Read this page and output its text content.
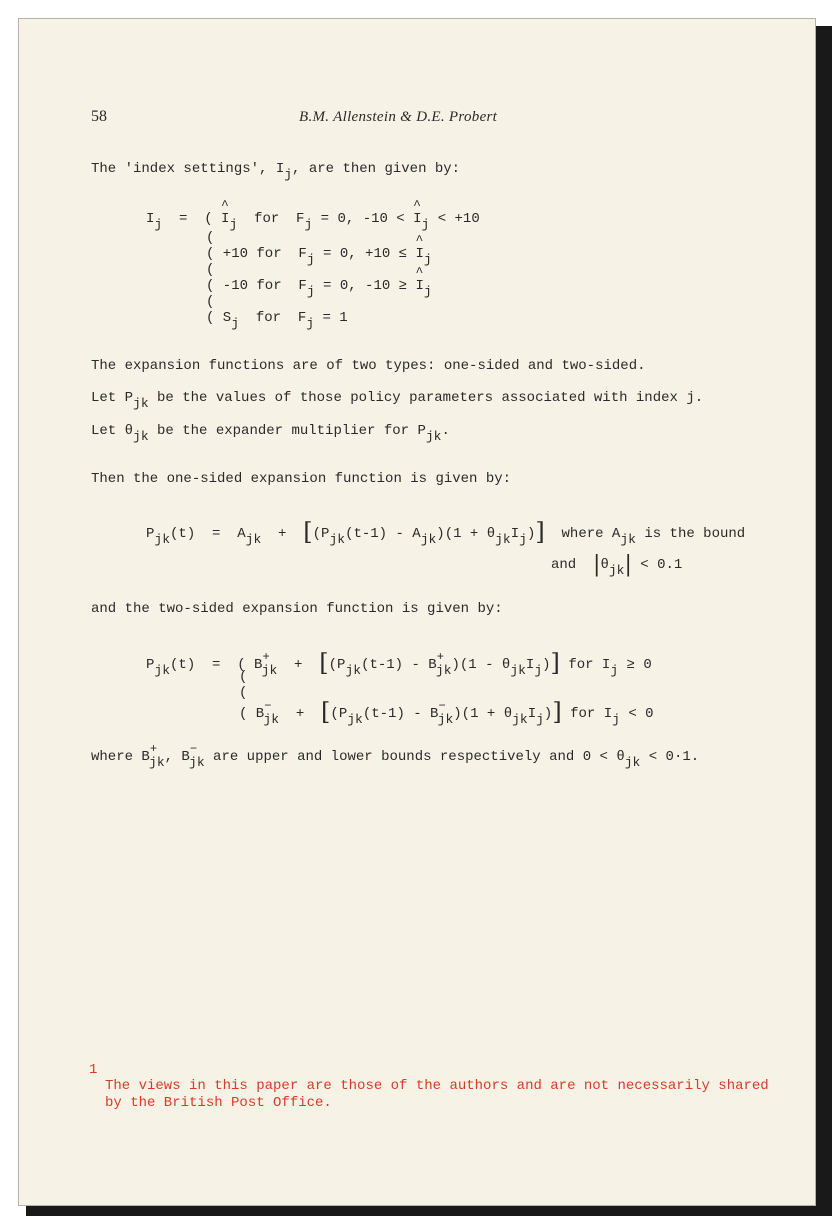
58	B.M. Allenstein & D.E. Probert
The 'index settings', Ij, are then given by:
Ij  =  ( I
^
j  for  Fj = 0, -10 < I
^
j < +10
(
( +10 for  Fj = 0, +10 ≤ I
^
j
(
( -10 for  Fj = 0, -10 ≥ I
^
j
(
( Sj  for  Fj = 1
The expansion functions are of two types: one-sided and two-sided.
Let Pjk be the values of those policy parameters associated with index j.
Let θjk be the expander multiplier for Pjk.
Then the one-sided expansion function is given by:
Pjk(t)  =  Ajk  +  [(Pjk(t-1) - Ajk)(1 + θjkIj)]  where Ajk is the bound
and  |θjk| < 0.1
and the two-sided expansion function is given by:
Pjk(t)  =  ( B+jk  +  [(Pjk(t-1) - B+jk)(1 - θjkIj)] for Ij ≥ 0
(
(
( B−jk  +  [(Pjk(t-1) - B−jk)(1 + θjkIj)] for Ij < 0
where B+jk, B−jk are upper and lower bounds respectively and 0 < θjk < 0·1.
1
The views in this paper are those of the authors and are not necessarily shared
by the British Post Office.
